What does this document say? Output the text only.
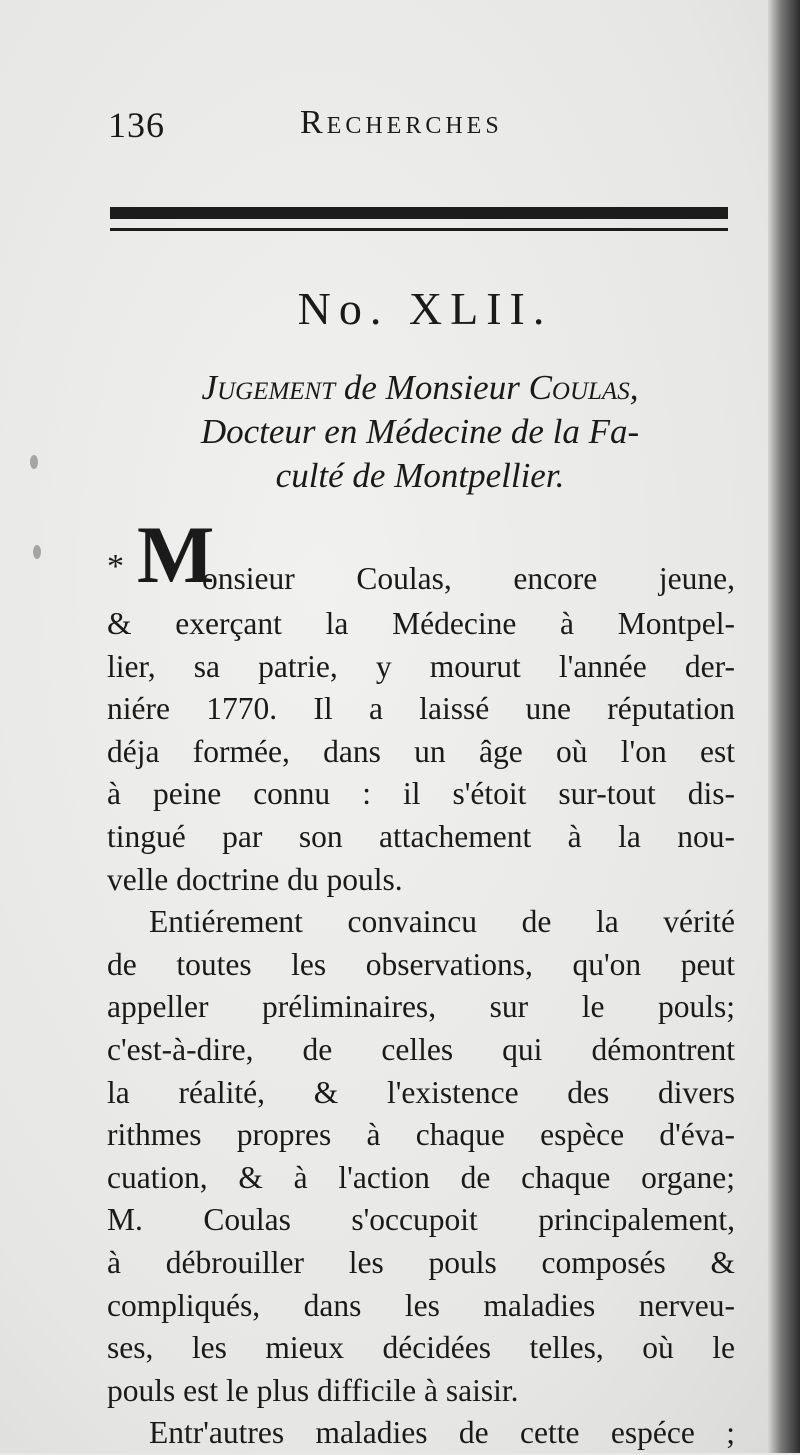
136	Recherches
No. XLII.
Jugement de Monsieur Coulas,
Docteur en Médecine de la Fa-
culté de Montpellier.
* M
onsieur Coulas, encore jeune,
& exerçant la Médecine à Montpel-
lier, sa patrie, y mourut l'année der-
niére 1770. Il a laissé une réputation
déja formée, dans un âge où l'on est
à peine connu : il s'étoit sur-tout dis-
tingué par son attachement à la nou-
velle doctrine du pouls.
Entiérement convaincu de la vérité
de toutes les observations, qu'on peut
appeller préliminaires, sur le pouls;
c'est-à-dire, de celles qui démontrent
la réalité, & l'existence des divers
rithmes propres à chaque espèce d'éva-
cuation, & à l'action de chaque organe;
M. Coulas s'occupoit principalement,
à débrouiller les pouls composés &
compliqués, dans les maladies nerveu-
ses, les mieux décidées telles, où le
pouls est le plus difficile à saisir.
Entr'autres maladies de cette espéce ;
